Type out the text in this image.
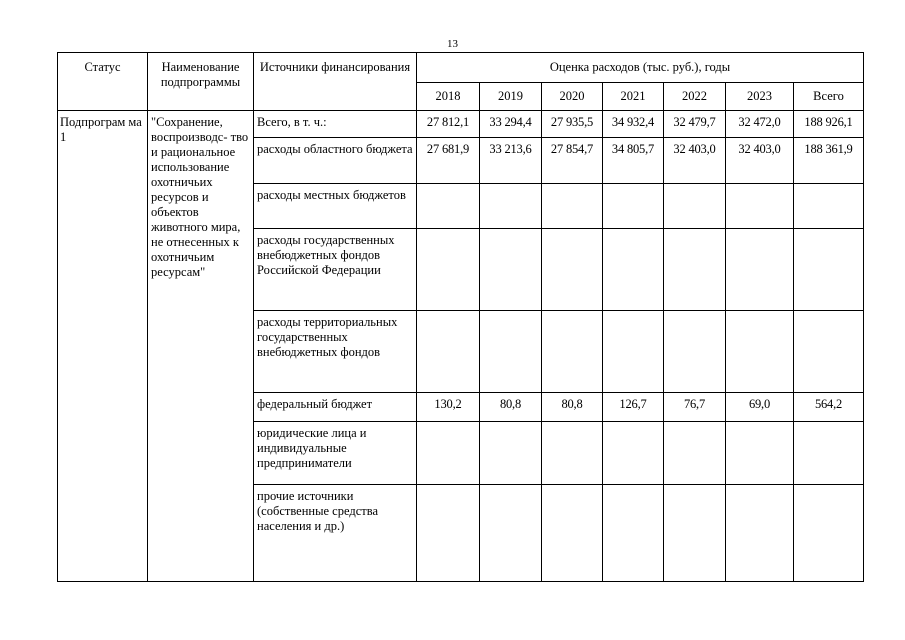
13
Статус	Наименование подпрограммы	Источники финансирования	Оценка расходов (тыс. руб.), годы						
			2018	2019	2020	2021	2022	2023	Всего
Подпрограм ма 1	"Сохранение, воспроизводс- тво и рациональное использование охотничьих ресурсов и объектов животного мира, не отнесенных к охотничьим ресурсам"	Всего, в т. ч.:	27 812,1	33 294,4	27 935,5	34 932,4	32 479,7	32 472,0	188 926,1
		расходы областного бюджета	27 681,9	33 213,6	27 854,7	34 805,7	32 403,0	32 403,0	188 361,9
		расходы местных бюджетов							
		расходы государственных внебюджетных фондов Российской Федерации							
		расходы территориальных государственных внебюджетных фондов							
		федеральный бюджет	130,2	80,8	80,8	126,7	76,7	69,0	564,2
		юридические лица и индивидуальные предприниматели							
		прочие источники (собственные средства населения и др.)							
